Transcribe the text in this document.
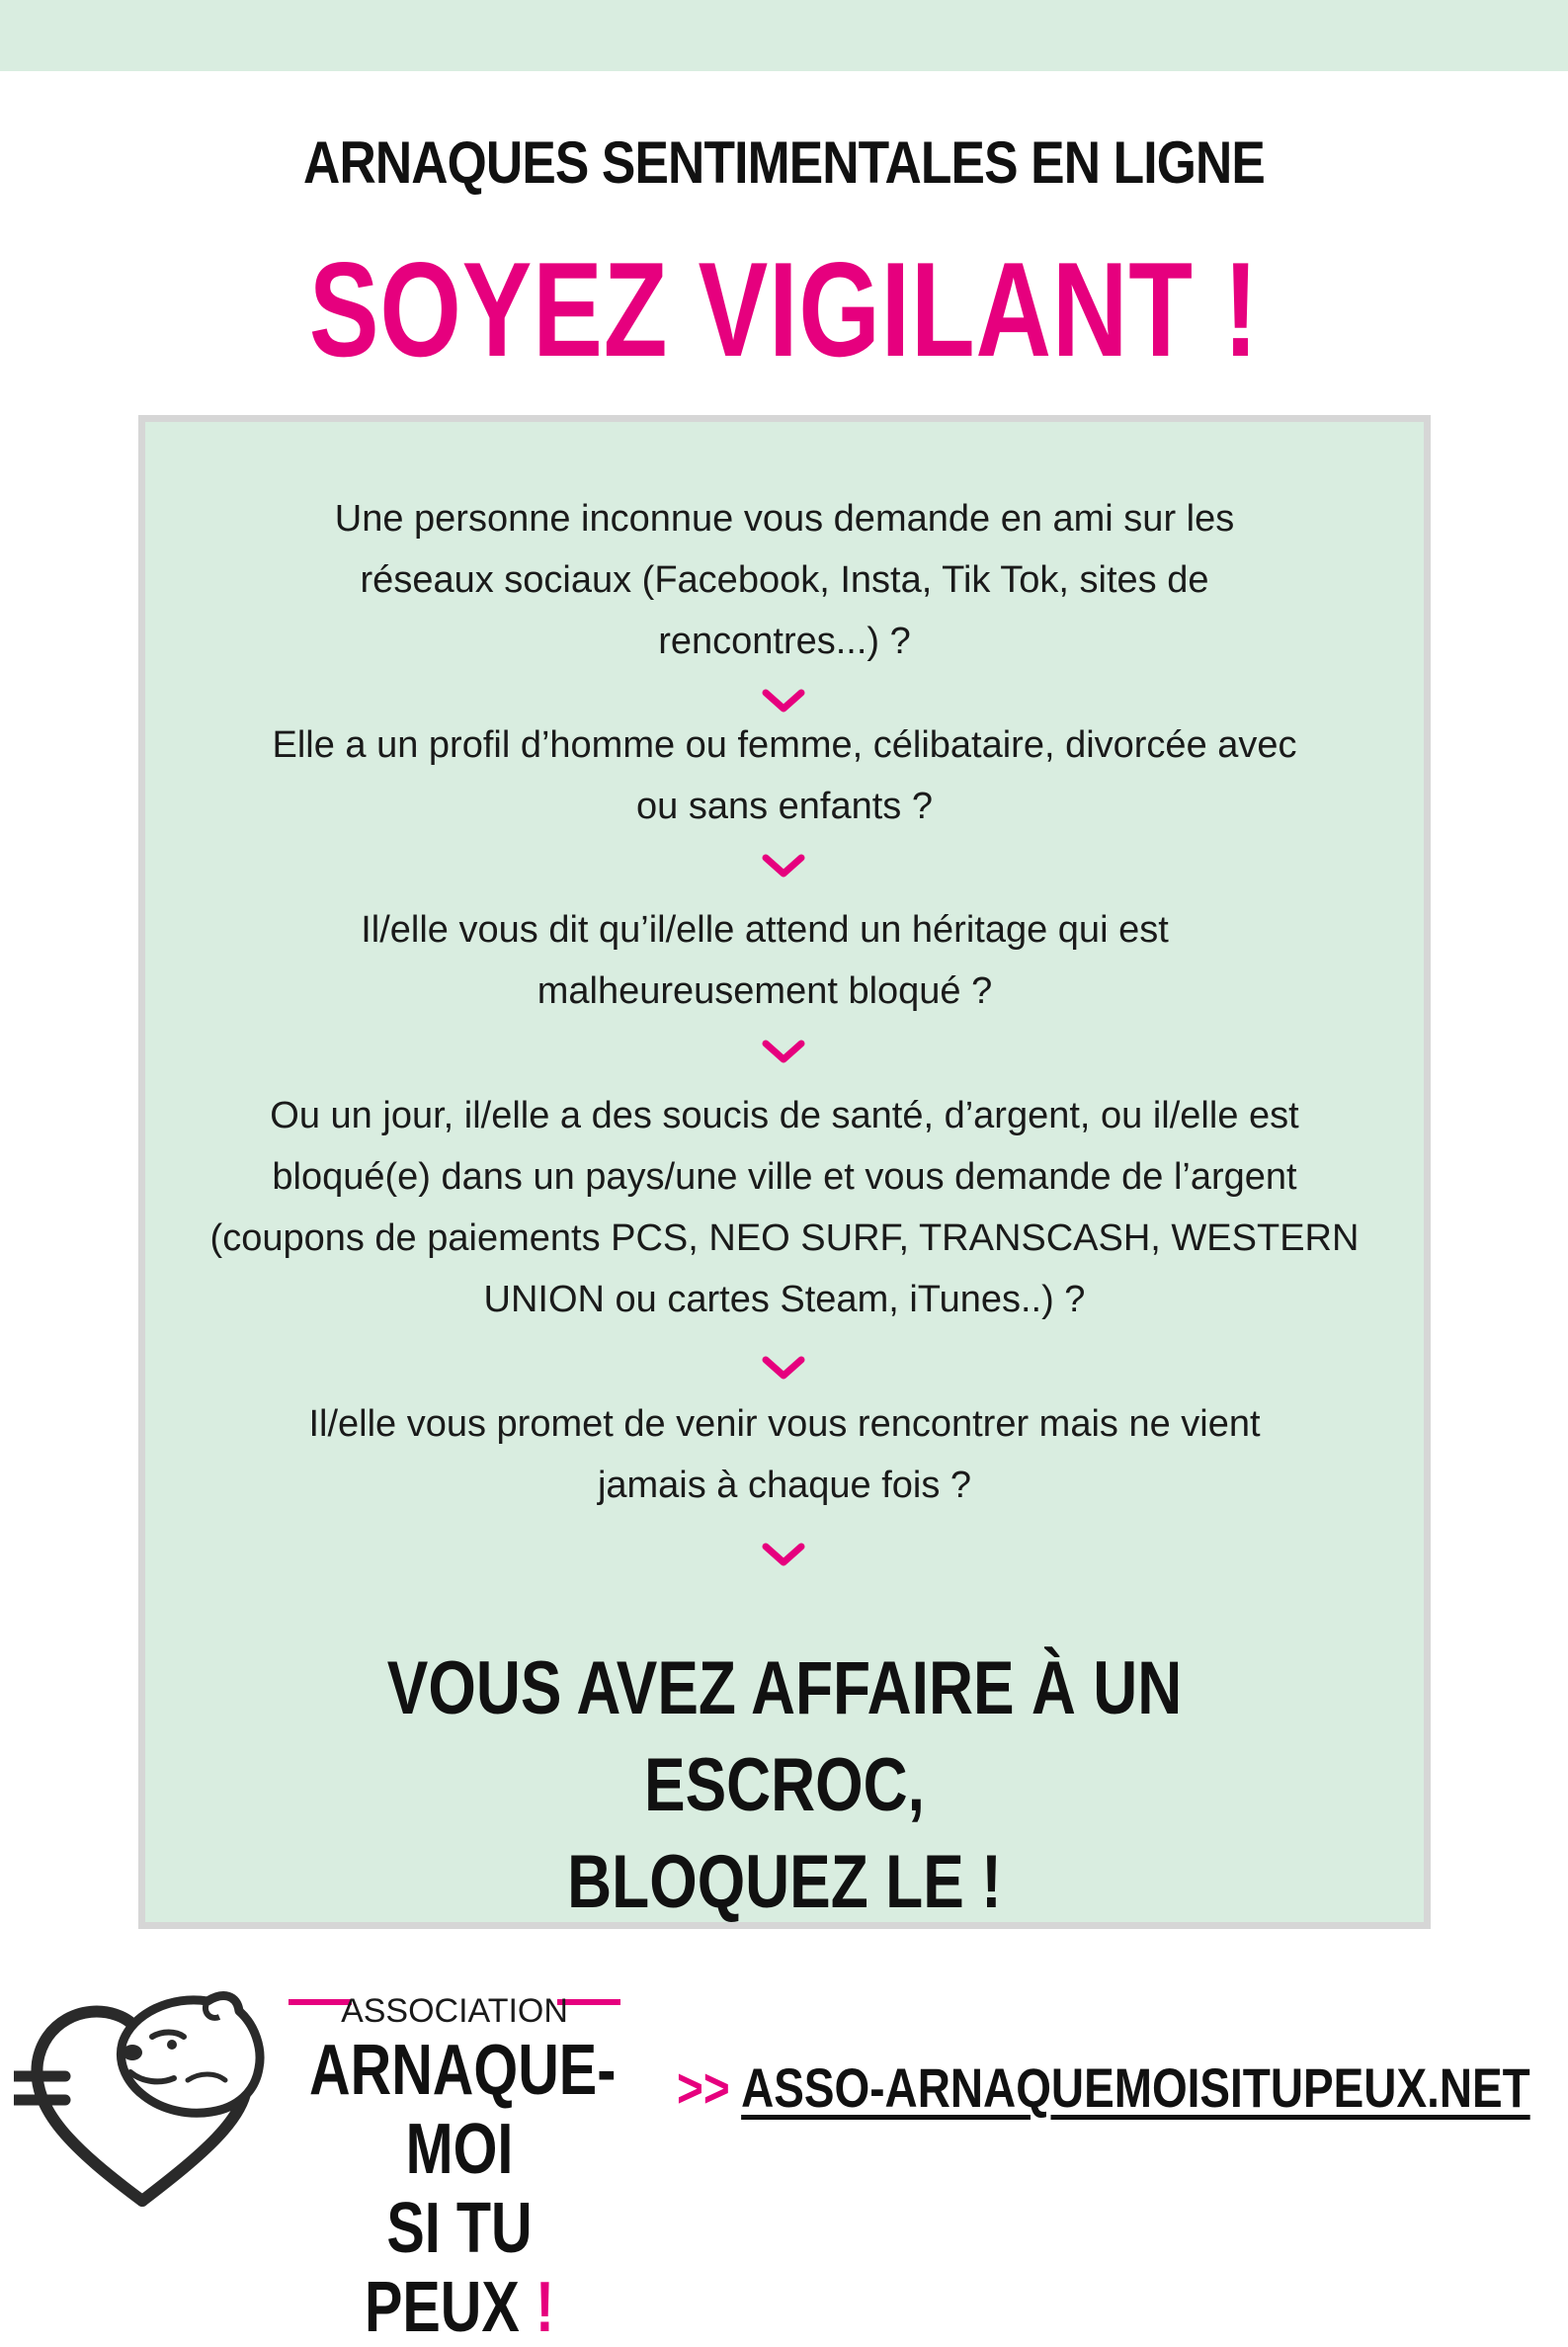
ARNAQUES SENTIMENTALES EN LIGNE
SOYEZ VIGILANT !
Une personne inconnue vous demande en ami sur les
réseaux sociaux (Facebook, Insta, Tik Tok, sites de
rencontres...) ?
Elle a un profil d’homme ou femme, célibataire, divorcée avec
ou sans enfants ?
Il/elle vous dit qu’il/elle attend un héritage qui est
malheureusement bloqué ?
Ou un jour, il/elle a des soucis de santé, d’argent, ou il/elle est
bloqué(e) dans un pays/une ville et vous demande de l’argent
(coupons de paiements PCS, NEO SURF, TRANSCASH, WESTERN
UNION ou cartes Steam, iTunes..) ?
Il/elle vous promet de venir vous rencontrer mais ne vient
jamais à chaque fois ?
VOUS AVEZ AFFAIRE À UN ESCROC,
BLOQUEZ LE !
ASSOCIATION
ARNAQUE-MOI
SI TU PEUX !
>> ASSO-ARNAQUEMOISITUPEUX.NET
